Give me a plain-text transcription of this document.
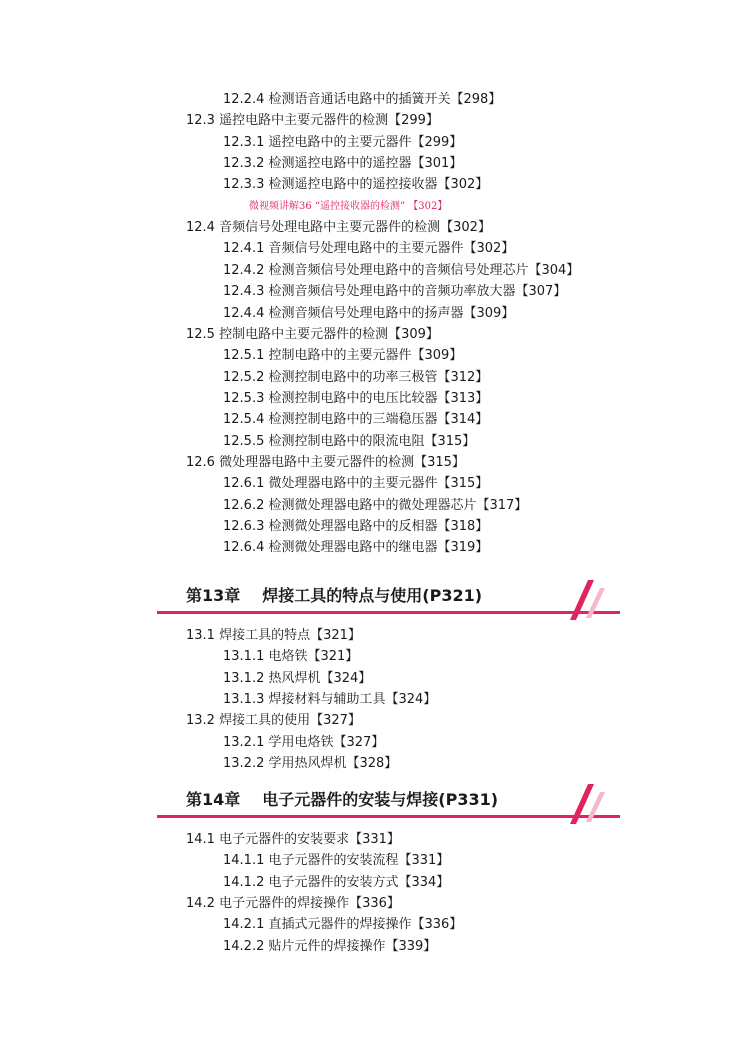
12.2.4 检测语音通话电路中的插簧开关【298】
12.3 遥控电路中主要元器件的检测【299】
12.3.1 遥控电路中的主要元器件【299】
12.3.2 检测遥控电路中的遥控器【301】
12.3.3 检测遥控电路中的遥控接收器【302】
微视频讲解36 “遥控接收器的检测” 【302】
12.4 音频信号处理电路中主要元器件的检测【302】
12.4.1 音频信号处理电路中的主要元器件【302】
12.4.2 检测音频信号处理电路中的音频信号处理芯片【304】
12.4.3 检测音频信号处理电路中的音频功率放大器【307】
12.4.4 检测音频信号处理电路中的扬声器【309】
12.5 控制电路中主要元器件的检测【309】
12.5.1 控制电路中的主要元器件【309】
12.5.2 检测控制电路中的功率三极管【312】
12.5.3 检测控制电路中的电压比较器【313】
12.5.4 检测控制电路中的三端稳压器【314】
12.5.5 检测控制电路中的限流电阻【315】
12.6 微处理器电路中主要元器件的检测【315】
12.6.1 微处理器电路中的主要元器件【315】
12.6.2 检测微处理器电路中的微处理器芯片【317】
12.6.3 检测微处理器电路中的反相器【318】
12.6.4 检测微处理器电路中的继电器【319】
第13章 焊接工具的特点与使用(P321)
13.1 焊接工具的特点【321】
13.1.1 电烙铁【321】
13.1.2 热风焊机【324】
13.1.3 焊接材料与辅助工具【324】
13.2 焊接工具的使用【327】
13.2.1 学用电烙铁【327】
13.2.2 学用热风焊机【328】
第14章 电子元器件的安装与焊接(P331)
14.1 电子元器件的安装要求【331】
14.1.1 电子元器件的安装流程【331】
14.1.2 电子元器件的安装方式【334】
14.2 电子元器件的焊接操作【336】
14.2.1 直插式元器件的焊接操作【336】
14.2.2 贴片元件的焊接操作【339】
